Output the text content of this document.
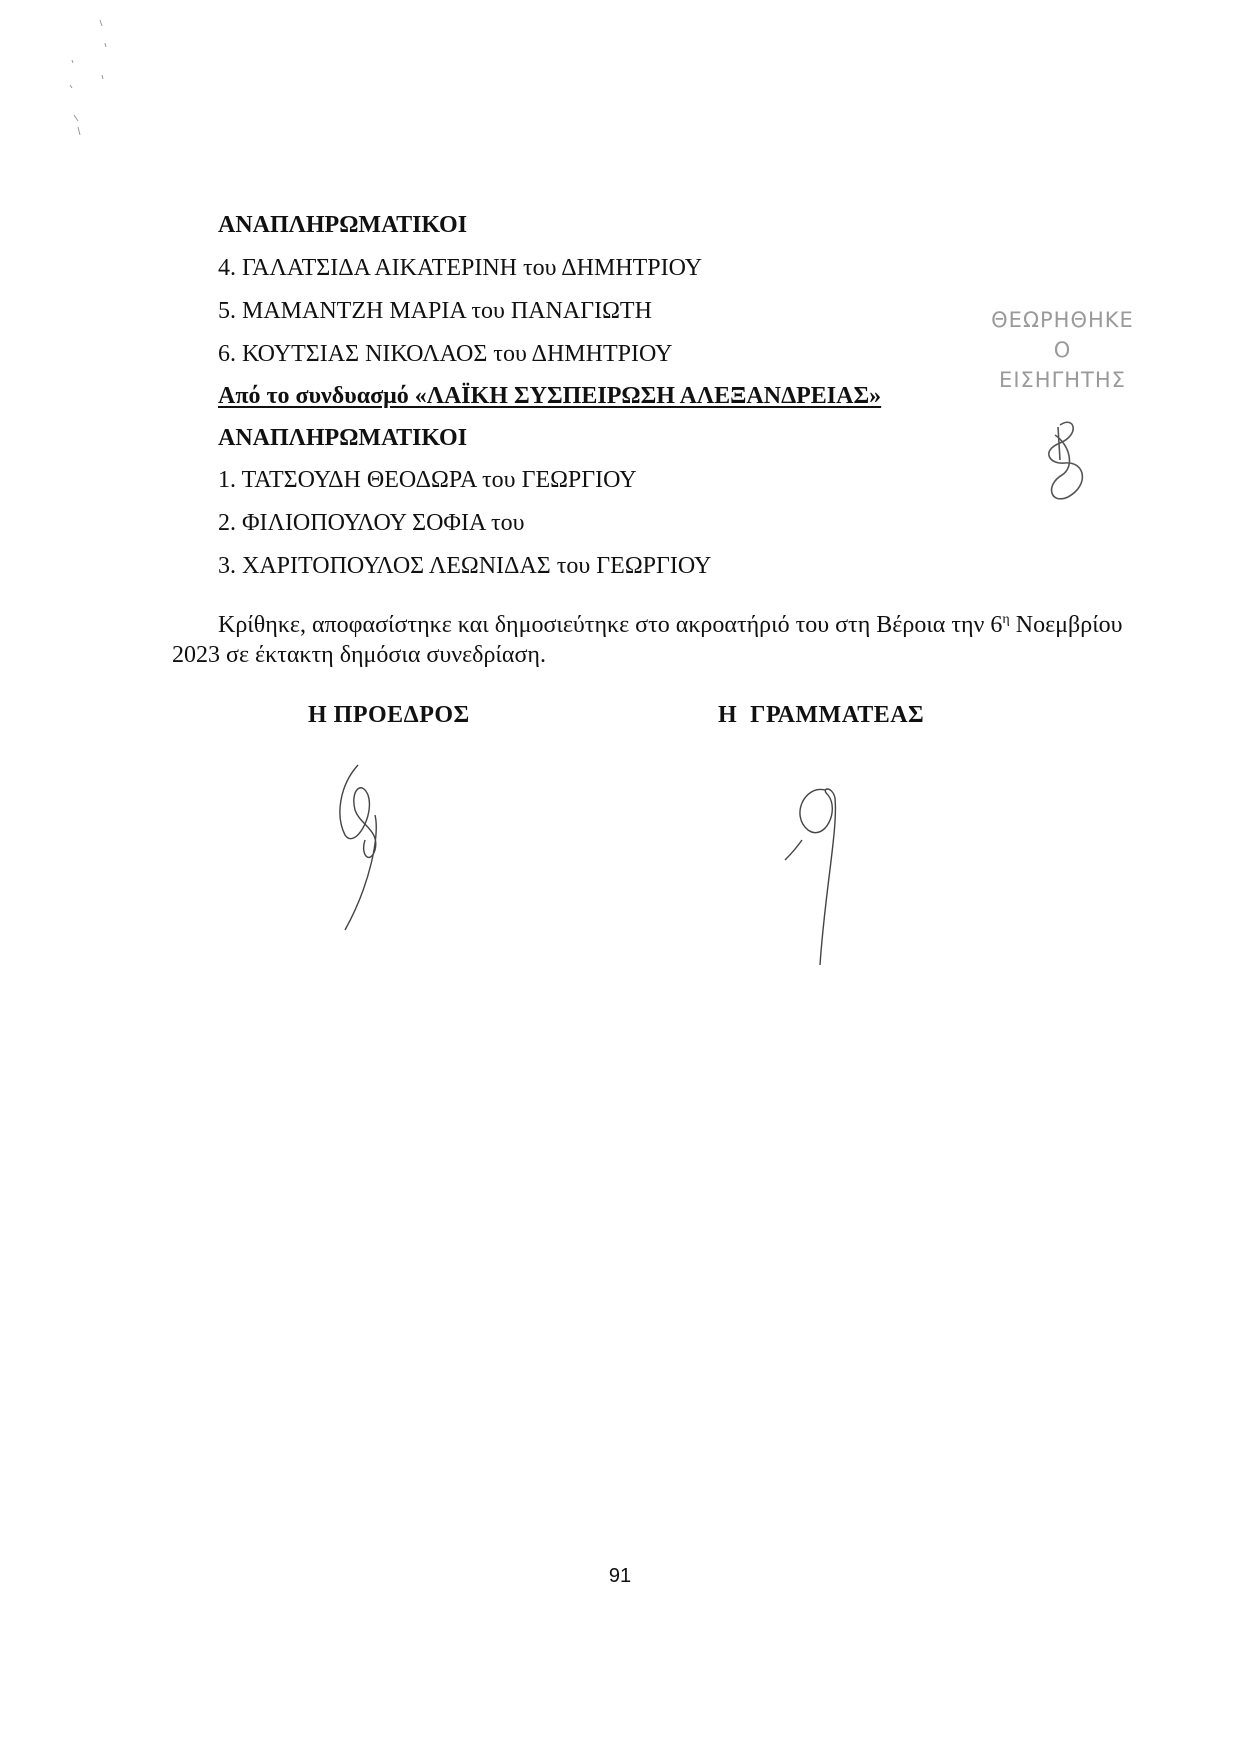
ΑΝΑΠΛΗΡΩΜΑΤΙΚΟΙ
4. ΓΑΛΑΤΣΙΔΑ ΑΙΚΑΤΕΡΙΝΗ του ΔΗΜΗΤΡΙΟΥ
5. ΜΑΜΑΝΤΖΗ ΜΑΡΙΑ του ΠΑΝΑΓΙΩΤΗ
6. ΚΟΥΤΣΙΑΣ ΝΙΚΟΛΑΟΣ του ΔΗΜΗΤΡΙΟΥ
Από το συνδυασμό «ΛΑΪΚΗ ΣΥΣΠΕΙΡΩΣΗ ΑΛΕΞΑΝΔΡΕΙΑΣ»
ΑΝΑΠΛΗΡΩΜΑΤΙΚΟΙ
1. ΤΑΤΣΟΥΔΗ ΘΕΟΔΩΡΑ του ΓΕΩΡΓΙΟΥ
2. ΦΙΛΙΟΠΟΥΛΟΥ ΣΟΦΙΑ του
3. ΧΑΡΙΤΟΠΟΥΛΟΣ ΛΕΩΝΙΔΑΣ του ΓΕΩΡΓΙΟΥ
ΘΕΩΡΗΘΗΚΕ
Ο
ΕΙΣΗΓΗΤΗΣ
Κρίθηκε, αποφασίστηκε και δημοσιεύτηκε στο ακροατήριό του στη Βέροια την $6^\eta$ Νοεμβρίου 2023 σε έκτακτη δημόσια συνεδρίαση.
Η ΠΡΟΕΔΡΟΣ	Η  ΓΡΑΜΜΑΤΕΑΣ
91
